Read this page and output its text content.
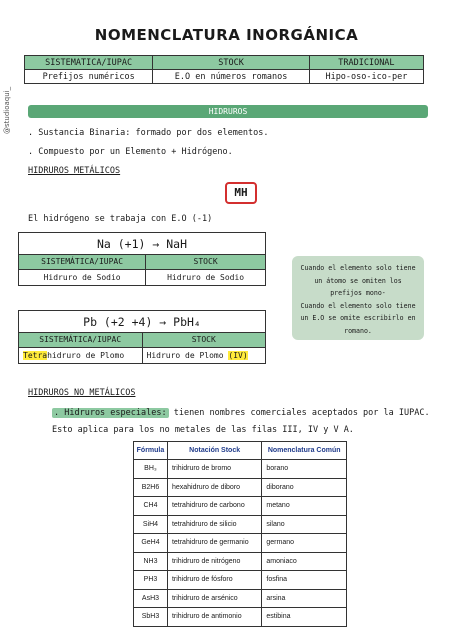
NOMENCLATURA INORGÁNICA
@studioaqui_
SISTEMATICA/IUPAC	STOCK	TRADICIONAL
Prefijos numéricos	E.O en números romanos	Hipo-oso-ico-per
HIDRUROS
. Sustancia Binaria: formado por dos elementos.
. Compuesto por un Elemento + Hidrógeno.
HIDRUROS METÁLICOS
MH
El hidrógeno se trabaja con E.O (-1)
Na (+1) → NaH
SISTEMÁTICA/IUPAC	STOCK
Hidruro de Sodio	Hidruro de Sodio
Pb (+2 +4) → PbH₄
SISTEMÁTICA/IUPAC	STOCK
Tetrahidruro de Plomo	Hidruro de Plomo (IV)
Cuando el elemento solo tiene
un átomo se omiten los
prefijos mono-
Cuando el elemento solo tiene
un E.O se omite escribirlo en
romano.
HIDRUROS NO METÁLICOS
. Hidruros especiales: tienen nombres comerciales aceptados por la IUPAC.
Esto aplica para los no metales de las filas III, IV y V A.
Fórmula	Notación Stock	Nomenclatura Común
BH₃	trihidruro de bromo	borano
B2H6	hexahidruro de diboro	diborano
CH4	tetrahidruro de carbono	metano
SiH4	tetrahidruro de silicio	silano
GeH4	tetrahidruro de germanio	germano
NH3	trihidruro de nitrógeno	amoniaco
PH3	trihidruro de fósforo	fosfina
AsH3	trihidruro de arsénico	arsina
SbH3	trihidruro de antimonio	estibina
